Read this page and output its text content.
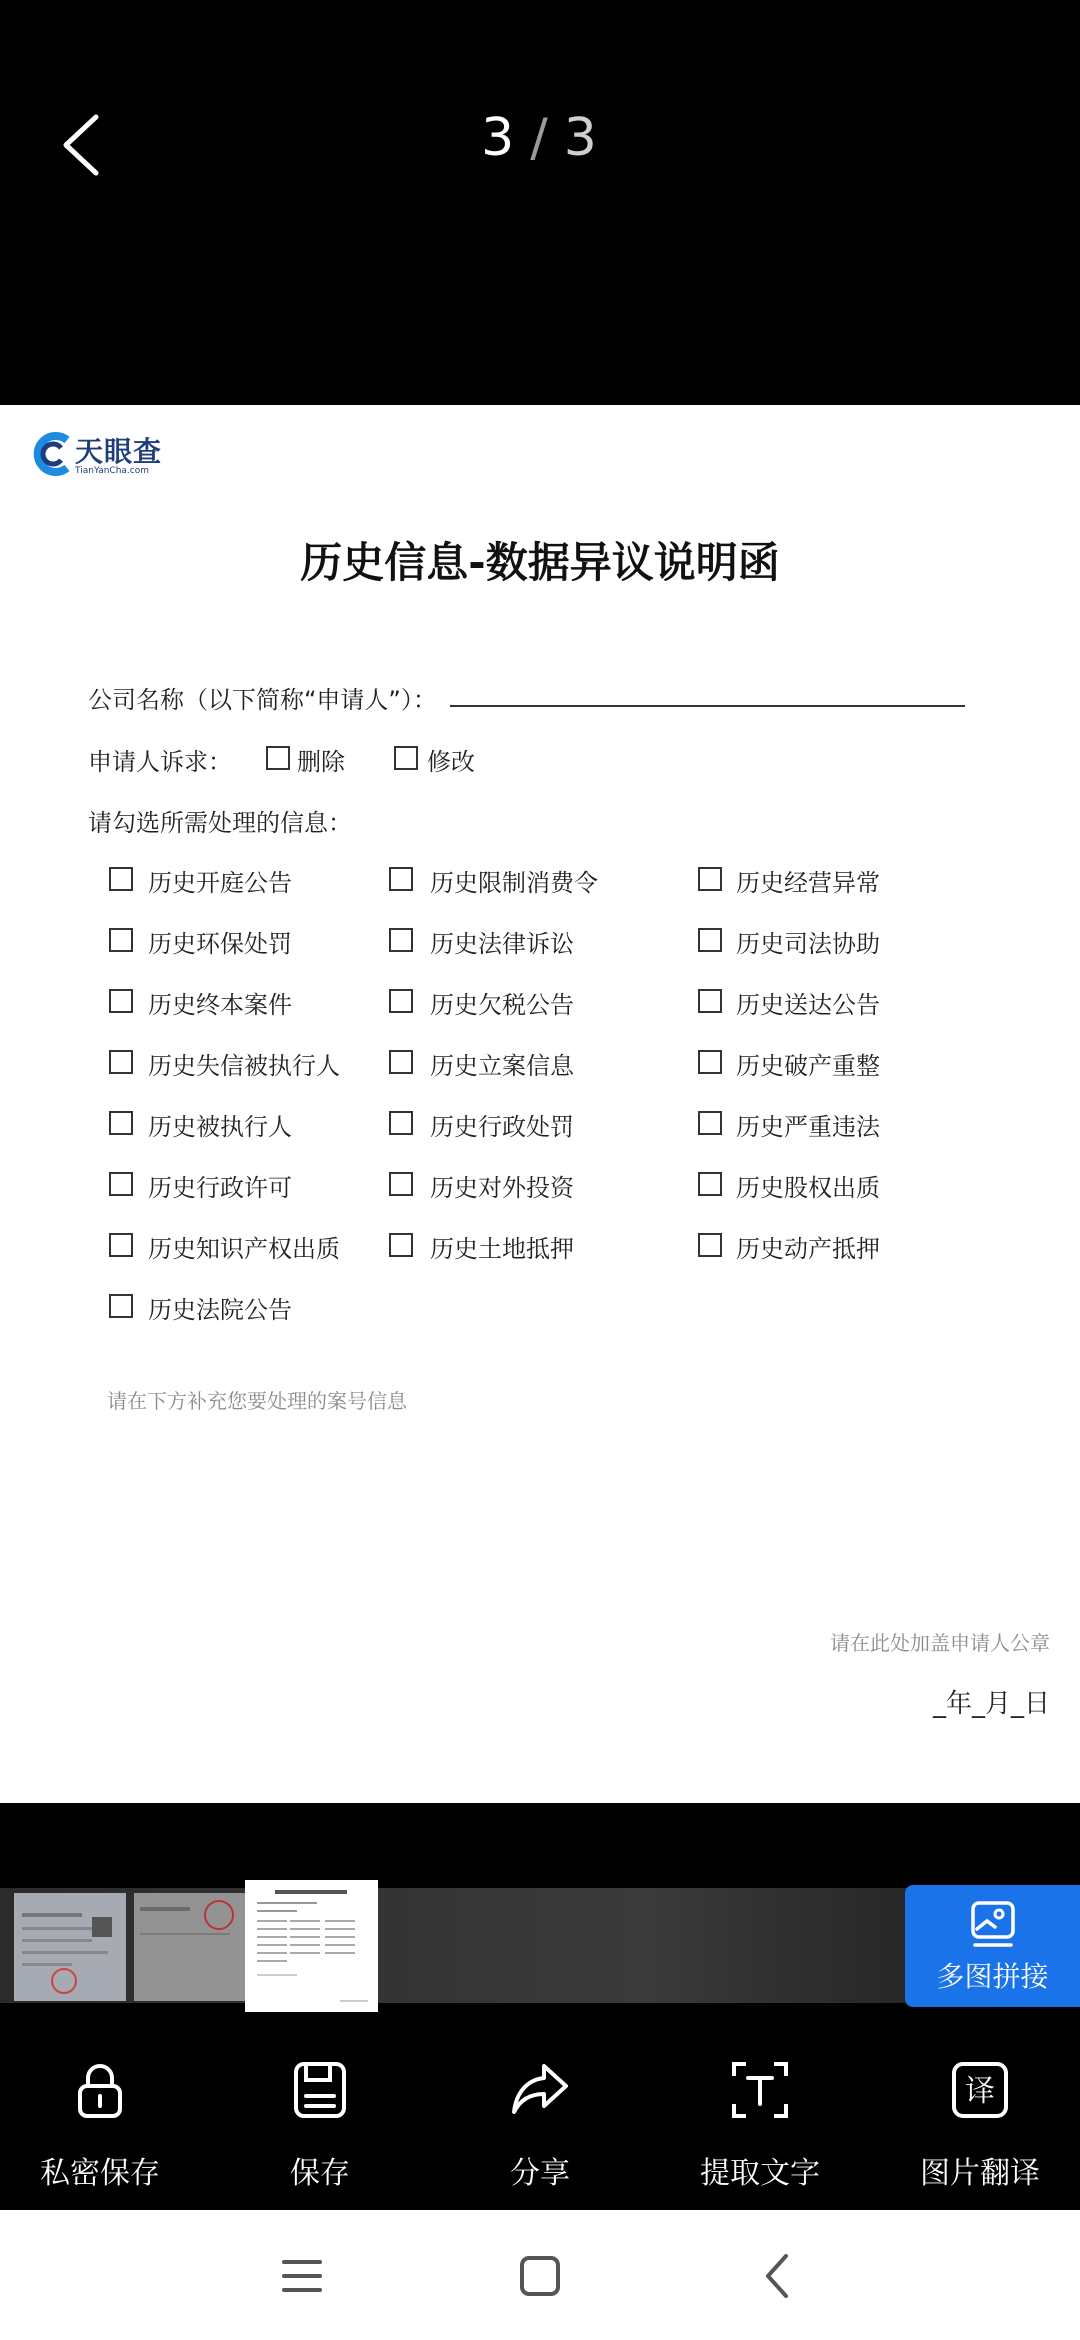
3 / 3
天眼查
TianYanCha.com
历史信息-数据异议说明函
公司名称（以下简称“申请人”）：
申请人诉求：	删除	修改
请勾选所需处理的信息：
历史开庭公告	历史限制消费令	历史经营异常
历史环保处罚	历史法律诉讼	历史司法协助
历史终本案件	历史欠税公告	历史送达公告
历史失信被执行人	历史立案信息	历史破产重整
历史被执行人	历史行政处罚	历史严重违法
历史行政许可	历史对外投资	历史股权出质
历史知识产权出质	历史土地抵押	历史动产抵押
历史法院公告
请在下方补充您要处理的案号信息
请在此处加盖申请人公章
_年_月_日
多图拼接
私密保存	保存	分享	提取文字
译
图片翻译
